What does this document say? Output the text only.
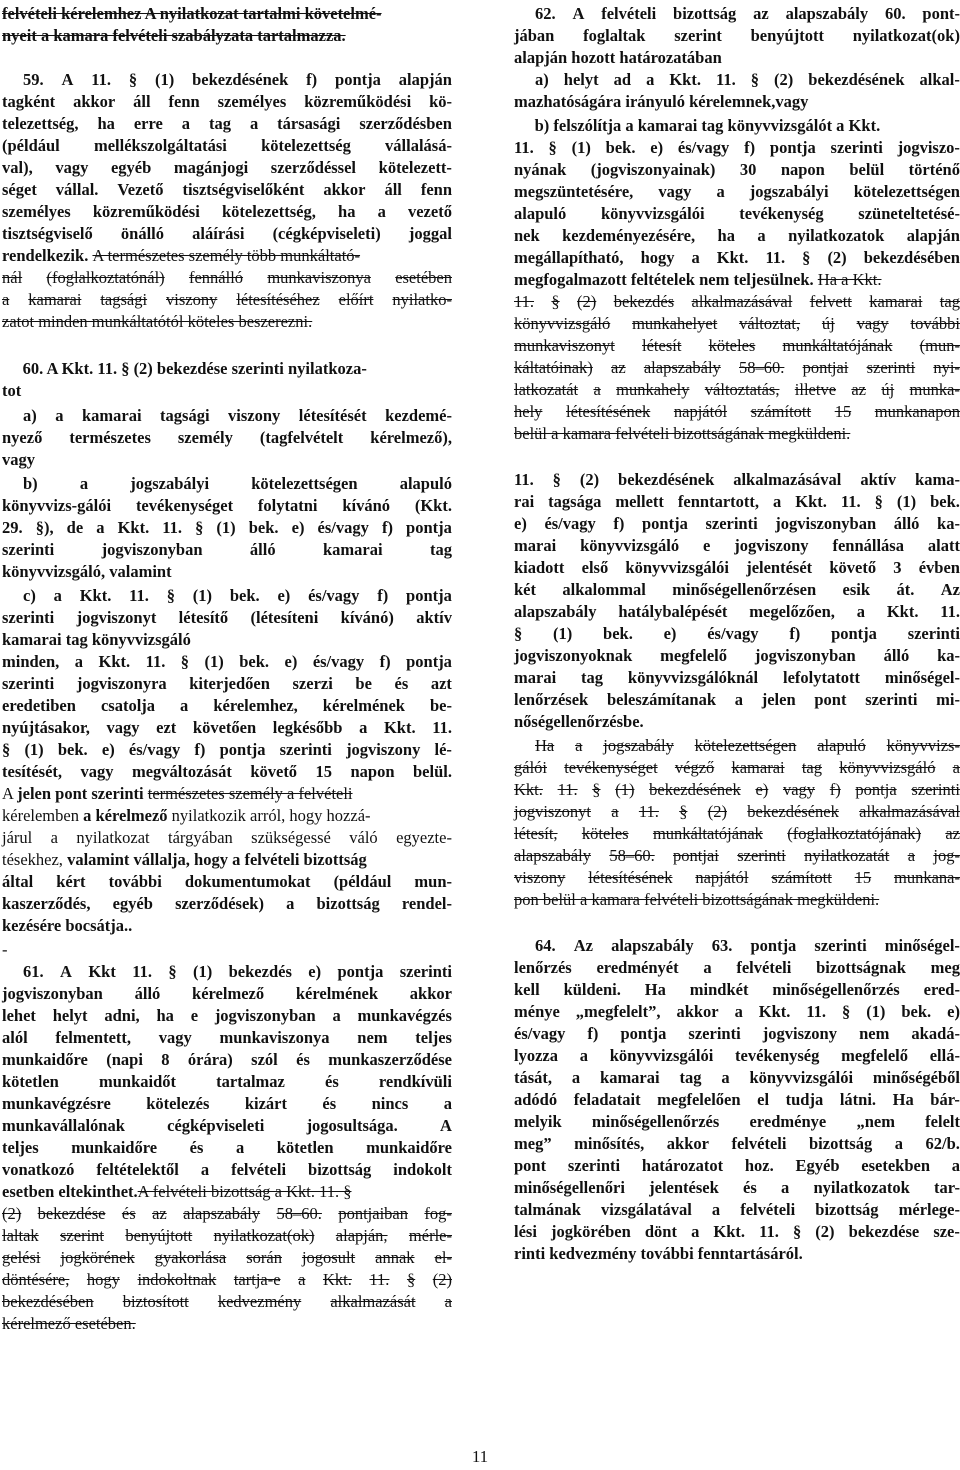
felvételi kérelemhez A nyilatkozat tartalmi követelmé-
nyeit a kamara felvételi szabályzata tartalmazza.
59. A 11. § (1) bekezdésének f) pontja alapján
tagként akkor áll fenn személyes közreműködési kö-
telezettség, ha erre a tag a társasági szerződésben
(például mellékszolgáltatási kötelezettség vállalásá-
val), vagy egyéb magánjogi szerződéssel kötelezett-
séget vállal. Vezető tisztségviselőként akkor áll fenn
személyes közreműködési kötelezettség, ha a vezető
tisztségviselő önálló aláírási (cégképviseleti) joggal
rendelkezik. A természetes személy több munkáltató-
nál (foglalkoztatónál) fennálló munkaviszonya esetében
a kamarai tagsági viszony létesítéséhez előírt nyilatko-
zatot minden munkáltatótól köteles beszerezni.
60. A Kkt. 11. § (2) bekezdése szerinti nyilatkoza-
tot
a) a kamarai tagsági viszony létesítését kezdemé-
nyező természetes személy (tagfelvételt kérelmező),
vagy
b)	a	jogszabályi	kötelezettségen	alapuló
könyvvizs-gálói tevékenységet folytatni kívánó (Kkt.
29. §), de a Kkt. 11. § (1) bek. e) és/vagy f) pontja
szerinti	jogviszonyban	álló	kamarai	tag
könyvvizsgáló, valamint
c) a Kkt. 11. § (1) bek. e) és/vagy f) pontja
szerinti jogviszonyt létesítő (létesíteni kívánó) aktív
kamarai tag könyvvizsgáló
minden, a Kkt. 11. § (1) bek. e) és/vagy f) pontja
szerinti jogviszonyra kiterjedően szerzi be és azt
eredetiben csatolja a kérelemhez, kérelmének be-
nyújtásakor, vagy ezt követően legkésőbb a Kkt. 11.
§ (1) bek. e) és/vagy f) pontja szerinti jogviszony lé-
tesítését, vagy megváltozását követő 15 napon belül.
A jelen pont szerinti természetes személy a felvételi
kérelemben a kérelmező nyilatkozik arról, hogy hozzá-
járul a nyilatkozat tárgyában szükségessé váló egyezte-
tésekhez, valamint vállalja, hogy a felvételi bizottság
által kért további dokumentumokat (például mun-
kaszerződés, egyéb szerződések) a bizottság rendel-
kezésére bocsátja..
-
61. A Kkt 11. § (1) bekezdés e) pontja szerinti
jogviszonyban álló kérelmező kérelmének akkor
lehet helyt adni, ha e jogviszonyban a munkavégzés
alól felmentett, vagy munkaviszonya nem teljes
munkaidőre (napi 8 órára) szól és munkaszerződése
kötetlen munkaidőt tartalmaz és rendkívüli
munkavégzésre kötelezés kizárt és nincs a
munkavállalónak	cégképviseleti	jogosultsága.	A
teljes munkaidőre és a kötetlen munkaidőre
vonatkozó feltételektől a felvételi bizottság indokolt
esetben eltekinthet.A felvételi bizottság a Kkt. 11. §
(2) bekezdése és az alapszabály 58–60. pontjaiban fog-
laltak szerint benyújtott nyilatkozat(ok) alapján, mérle-
gelési jogkörének gyakorlása során jogosult annak el-
döntésére, hogy indokoltnak tartja-e a Kkt. 11. § (2)
bekezdésében biztosított kedvezmény alkalmazását a
kérelmező esetében.
62. A felvételi bizottság az alapszabály 60. pont-
jában foglaltak szerint benyújtott nyilatkozat(ok)
alapján hozott határozatában
a) helyt ad a Kkt. 11. § (2) bekezdésének alkal-
mazhatóságára irányuló kérelemnek,vagy
b) felszólítja a kamarai tag könyvvizsgálót a Kkt.
11. § (1) bek. e) és/vagy f) pontja szerinti jogviszo-
nyának (jogviszonyainak) 30 napon belül történő
megszüntetésére, vagy a jogszabályi kötelezettségen
alapuló könyvvizsgálói tevékenység szüneteltetésé-
nek kezdeményezésére, ha a nyilatkozatok alapján
megállapítható, hogy a Kkt. 11. § (2) bekezdésében
megfogalmazott feltételek nem teljesülnek. Ha a Kkt.
11. § (2) bekezdés alkalmazásával felvett kamarai tag
könyvvizsgáló munkahelyet változtat, új vagy további
munkaviszonyt létesít köteles munkáltatójának (mun-
káltatóinak) az alapszabály 58–60. pontjai szerinti nyi-
latkozatát a munkahely változtatás, illetve az új munka-
hely létesítésének napjától számított 15 munkanapon
belül a kamara felvételi bizottságának megküldeni.
11. § (2) bekezdésének alkalmazásával aktív kama-
rai tagsága mellett fenntartott, a Kkt. 11. § (1) bek.
e) és/vagy f) pontja szerinti jogviszonyban álló ka-
marai könyvvizsgáló e jogviszony fennállása alatt
kiadott első könyvvizsgálói jelentését követő 3 évben
két alkalommal minőségellenőrzésen esik át. Az
alapszabály hatálybalépését megelőzően, a Kkt. 11.
§ (1) bek. e) és/vagy f) pontja szerinti
jogviszonyoknak megfelelő jogviszonyban álló ka-
marai tag könyvvizsgálóknál lefolytatott minőségel-
lenőrzések beleszámítanak a jelen pont szerinti mi-
nőségellenőrzésbe.
Ha a jogszabály kötelezettségen alapuló könyvvizs-
gálói tevékenységet végző kamarai tag könyvvizsgáló a
Kkt. 11. § (1) bekezdésének e) vagy f) pontja szerinti
jogviszonyt a 11. § (2) bekezdésének alkalmazásával
létesít, köteles munkáltatójának (foglalkoztatójának) az
alapszabály 58–60. pontjai szerinti nyilatkozatát a jog-
viszony létesítésének napjától számított 15 munkana-
pon belül a kamara felvételi bizottságának megküldeni.
64. Az alapszabály 63. pontja szerinti minőségel-
lenőrzés eredményét a felvételi bizottságnak meg
kell küldeni. Ha mindkét minőségellenőrzés ered-
ménye „megfelelt”, akkor a Kkt. 11. § (1) bek. e)
és/vagy f) pontja szerinti jogviszony nem akadá-
lyozza a könyvvizsgálói tevékenység megfelelő ellá-
tását, a kamarai tag a könyvvizsgálói minőségéből
adódó feladatait megfelelően el tudja látni. Ha bár-
melyik minőségellenőrzés eredménye „nem felelt
meg” minősítés, akkor felvételi bizottság a 62/b.
pont szerinti határozatot hoz. Egyéb esetekben a
minőségellenőri jelentések és a nyilatkozatok tar-
talmának vizsgálatával a felvételi bizottság mérlege-
lési jogkörében dönt a Kkt. 11. § (2) bekezdése sze-
rinti kedvezmény további fenntartásáról.
11
